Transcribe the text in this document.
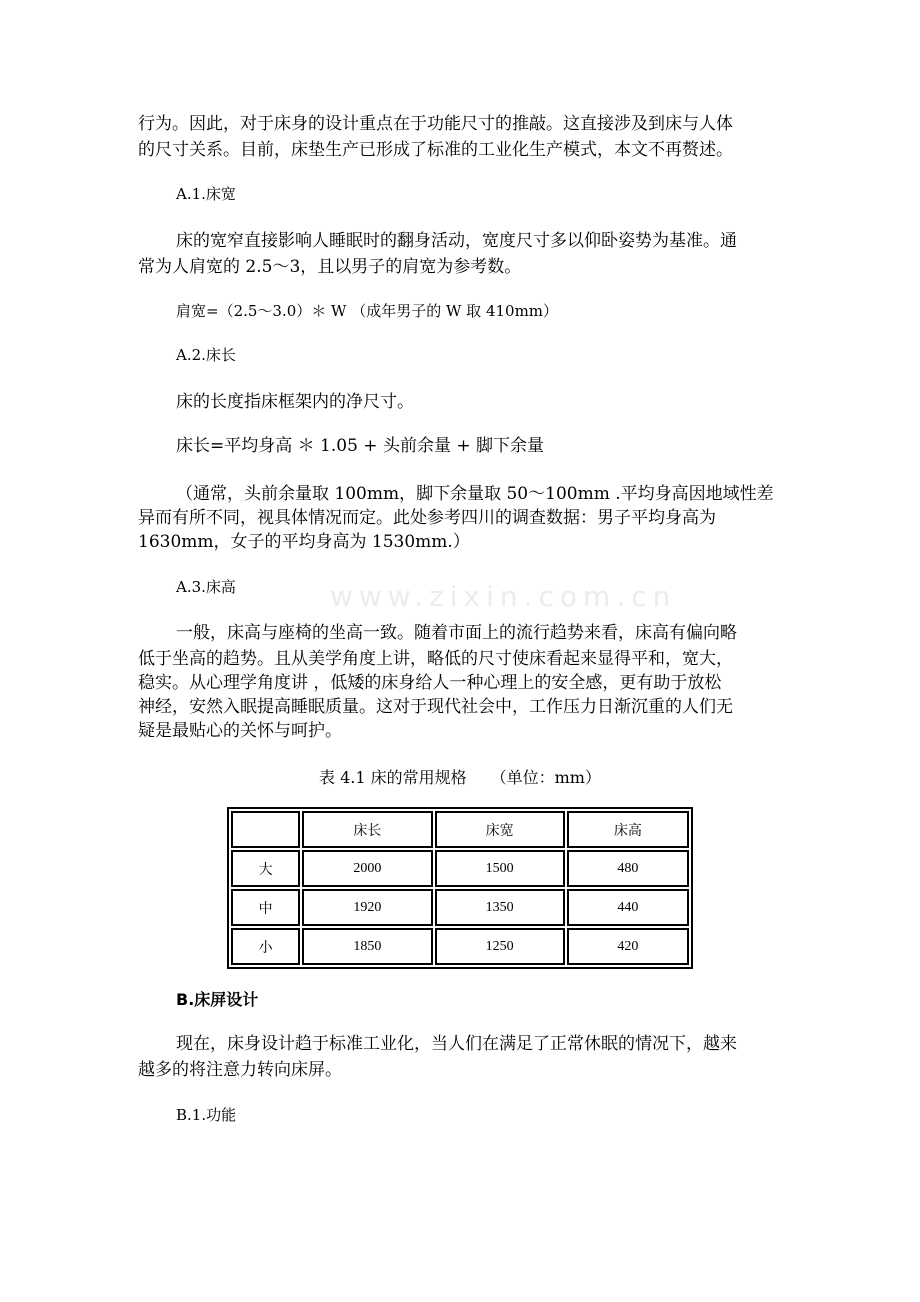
行为。因此，对于床身的设计重点在于功能尺寸的推敲。这直接涉及到床与人体
的尺寸关系。目前，床垫生产已形成了标准的工业化生产模式，本文不再赘述。
A.1.床宽
床的宽窄直接影响人睡眠时的翻身活动，宽度尺寸多以仰卧姿势为基准。通
常为人肩宽的 2.5～3，且以男子的肩宽为参考数。
肩宽=（2.5～3.0）＊ W （成年男子的 W 取 410mm）
A.2.床长
床的长度指床框架内的净尺寸。
床长=平均身高 ＊ 1.05 + 头前余量 + 脚下余量
（通常，头前余量取 100mm，脚下余量取 50～100mm .平均身高因地域性差
异而有所不同，视具体情况而定。此处参考四川的调查数据：男子平均身高为
1630mm，女子的平均身高为 1530mm.）
A.3.床高	www.zixin.com.cn
一般，床高与座椅的坐高一致。随着市面上的流行趋势来看，床高有偏向略
低于坐高的趋势。且从美学角度上讲，略低的尺寸使床看起来显得平和，宽大，
稳实。从心理学角度讲 ，低矮的床身给人一种心理上的安全感，更有助于放松
神经，安然入眠提高睡眠质量。这对于现代社会中，工作压力日渐沉重的人们无
疑是最贴心的关怀与呵护。
表 4.1 床的常用规格　　（单位：mm）
	床长	床宽	床高
大	2000	1500	480
中	1920	1350	440
小	1850	1250	420
B.床屏设计
现在，床身设计趋于标准工业化，当人们在满足了正常休眠的情况下，越来
越多的将注意力转向床屏。
B.1.功能
